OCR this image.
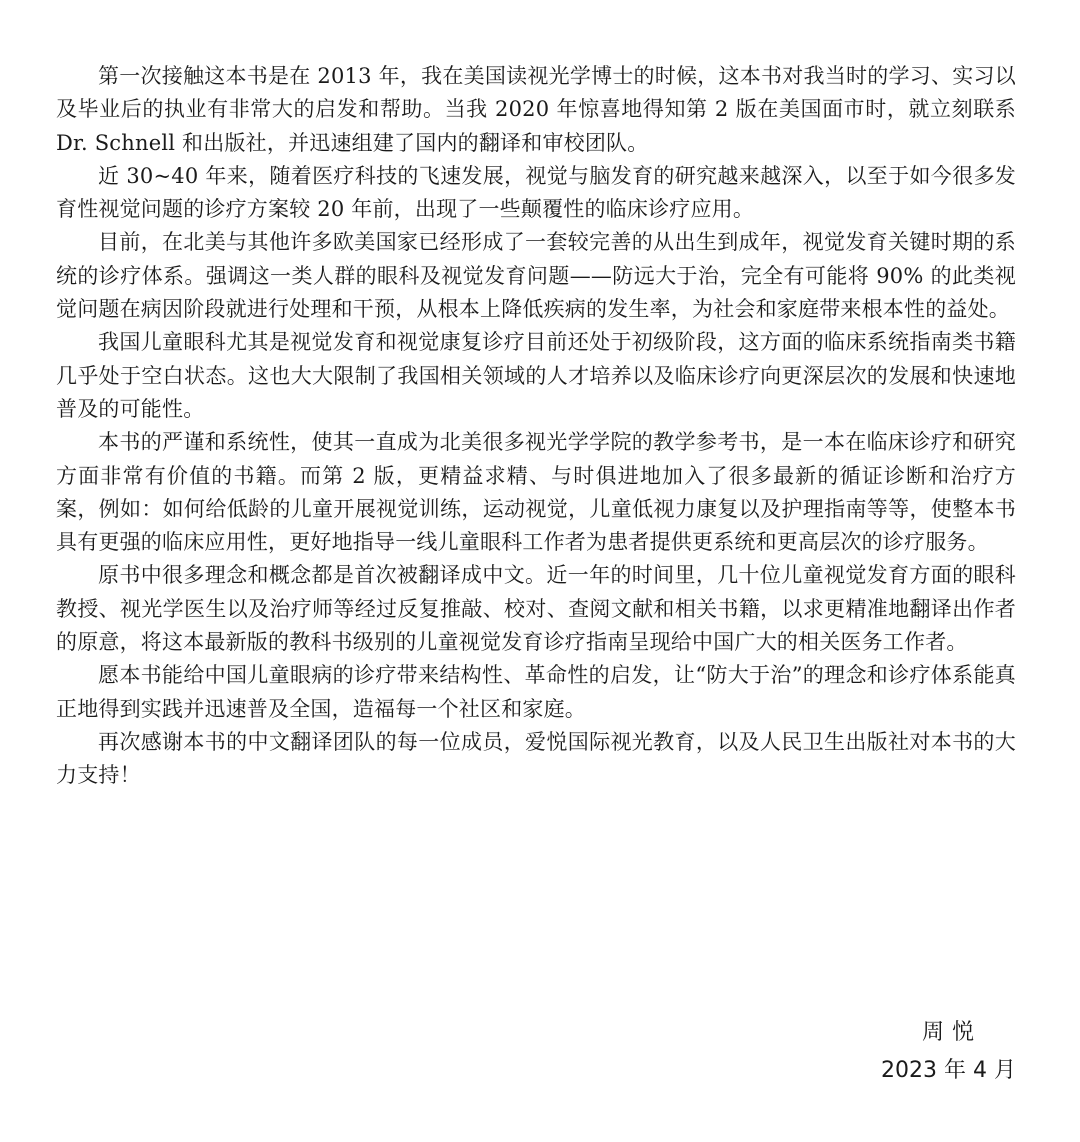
第一次接触这本书是在 2013 年，我在美国读视光学博士的时候，这本书对我当时的学习、实习以及毕业后的执业有非常大的启发和帮助。当我 2020 年惊喜地得知第 2 版在美国面市时，就立刻联系 Dr. Schnell 和出版社，并迅速组建了国内的翻译和审校团队。

近 30~40 年来，随着医疗科技的飞速发展，视觉与脑发育的研究越来越深入，以至于如今很多发育性视觉问题的诊疗方案较 20 年前，出现了一些颠覆性的临床诊疗应用。

目前，在北美与其他许多欧美国家已经形成了一套较完善的从出生到成年，视觉发育关键时期的系统的诊疗体系。强调这一类人群的眼科及视觉发育问题——防远大于治，完全有可能将 90% 的此类视觉问题在病因阶段就进行处理和干预，从根本上降低疾病的发生率，为社会和家庭带来根本性的益处。

我国儿童眼科尤其是视觉发育和视觉康复诊疗目前还处于初级阶段，这方面的临床系统指南类书籍几乎处于空白状态。这也大大限制了我国相关领域的人才培养以及临床诊疗向更深层次的发展和快速地普及的可能性。

本书的严谨和系统性，使其一直成为北美很多视光学学院的教学参考书，是一本在临床诊疗和研究方面非常有价值的书籍。而第 2 版，更精益求精、与时俱进地加入了很多最新的循证诊断和治疗方案，例如：如何给低龄的儿童开展视觉训练，运动视觉，儿童低视力康复以及护理指南等等，使整本书具有更强的临床应用性，更好地指导一线儿童眼科工作者为患者提供更系统和更高层次的诊疗服务。

原书中很多理念和概念都是首次被翻译成中文。近一年的时间里，几十位儿童视觉发育方面的眼科教授、视光学医生以及治疗师等经过反复推敲、校对、查阅文献和相关书籍，以求更精准地翻译出作者的原意，将这本最新版的教科书级别的儿童视觉发育诊疗指南呈现给中国广大的相关医务工作者。

愿本书能给中国儿童眼病的诊疗带来结构性、革命性的启发，让“防大于治”的理念和诊疗体系能真正地得到实践并迅速普及全国，造福每一个社区和家庭。

再次感谢本书的中文翻译团队的每一位成员，爱悦国际视光教育，以及人民卫生出版社对本书的大力支持！

周悦
2023 年 4 月
